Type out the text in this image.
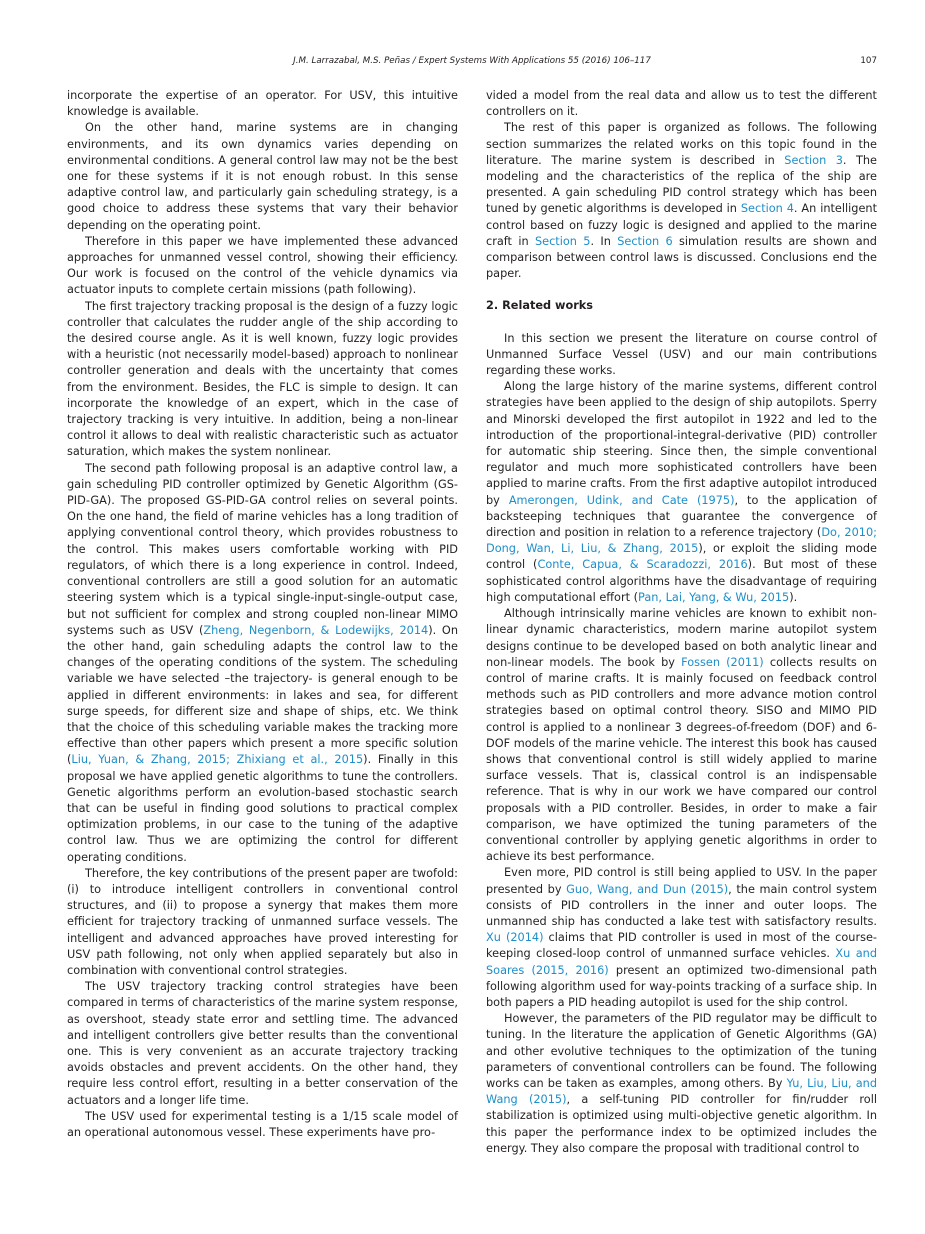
J.M. Larrazabal, M.S. Peñas / Expert Systems With Applications 55 (2016) 106–117	107

incorporate the expertise of an operator. For USV, this intuitive knowledge is available.

On the other hand, marine systems are in changing environments, and its own dynamics varies depending on environmental conditions. A general control law may not be the best one for these systems if it is not enough robust. In this sense adaptive control law, and particularly gain scheduling strategy, is a good choice to address these systems that vary their behavior depending on the operating point.

Therefore in this paper we have implemented these advanced approaches for unmanned vessel control, showing their efficiency. Our work is focused on the control of the vehicle dynamics via actuator inputs to complete certain missions (path following).

The first trajectory tracking proposal is the design of a fuzzy logic controller that calculates the rudder angle of the ship according to the desired course angle. As it is well known, fuzzy logic provides with a heuristic (not necessarily model-based) approach to nonlinear controller generation and deals with the uncertainty that comes from the environment. Besides, the FLC is simple to design. It can incorporate the knowledge of an expert, which in the case of trajectory tracking is very intuitive. In addition, being a non-linear control it allows to deal with realistic characteristic such as actuator saturation, which makes the system nonlinear.

The second path following proposal is an adaptive control law, a gain scheduling PID controller optimized by Genetic Algorithm (GS-PID-GA). The proposed GS-PID-GA control relies on several points. On the one hand, the field of marine vehicles has a long tradition of applying conventional control theory, which provides robustness to the control. This makes users comfortable working with PID regulators, of which there is a long experience in control. Indeed, conventional controllers are still a good solution for an automatic steering system which is a typical single-input-single-output case, but not sufficient for complex and strong coupled non-linear MIMO systems such as USV (Zheng, Negenborn, & Lodewijks, 2014). On the other hand, gain scheduling adapts the control law to the changes of the operating conditions of the system. The scheduling variable we have selected –the trajectory- is general enough to be applied in different environments: in lakes and sea, for different surge speeds, for different size and shape of ships, etc. We think that the choice of this scheduling variable makes the tracking more effective than other papers which present a more specific solution (Liu, Yuan, & Zhang, 2015; Zhixiang et al., 2015). Finally in this proposal we have applied genetic algorithms to tune the controllers. Genetic algorithms perform an evolution-based stochastic search that can be useful in finding good solutions to practical complex optimization problems, in our case to the tuning of the adaptive control law. Thus we are optimizing the control for different operating conditions.

Therefore, the key contributions of the present paper are twofold: (i) to introduce intelligent controllers in conventional control structures, and (ii) to propose a synergy that makes them more efficient for trajectory tracking of unmanned surface vessels. The intelligent and advanced approaches have proved interesting for USV path following, not only when applied separately but also in combination with conventional control strategies.

The USV trajectory tracking control strategies have been compared in terms of characteristics of the marine system response, as overshoot, steady state error and settling time. The advanced and intelligent controllers give better results than the conventional one. This is very convenient as an accurate trajectory tracking avoids obstacles and prevent accidents. On the other hand, they require less control effort, resulting in a better conservation of the actuators and a longer life time.

The USV used for experimental testing is a 1/15 scale model of an operational autonomous vessel. These experiments have pro-

vided a model from the real data and allow us to test the different controllers on it.

The rest of this paper is organized as follows. The following section summarizes the related works on this topic found in the literature. The marine system is described in Section 3. The modeling and the characteristics of the replica of the ship are presented. A gain scheduling PID control strategy which has been tuned by genetic algorithms is developed in Section 4. An intelligent control based on fuzzy logic is designed and applied to the marine craft in Section 5. In Section 6 simulation results are shown and comparison between control laws is discussed. Conclusions end the paper.

2. Related works

In this section we present the literature on course control of Unmanned Surface Vessel (USV) and our main contributions regarding these works.

Along the large history of the marine systems, different control strategies have been applied to the design of ship autopilots. Sperry and Minorski developed the first autopilot in 1922 and led to the introduction of the proportional-integral-derivative (PID) controller for automatic ship steering. Since then, the simple conventional regulator and much more sophisticated controllers have been applied to marine crafts. From the first adaptive autopilot introduced by Amerongen, Udink, and Cate (1975), to the application of backsteeping techniques that guarantee the convergence of direction and position in relation to a reference trajectory (Do, 2010; Dong, Wan, Li, Liu, & Zhang, 2015), or exploit the sliding mode control (Conte, Capua, & Scaradozzi, 2016). But most of these sophisticated control algorithms have the disadvantage of requiring high computational effort (Pan, Lai, Yang, & Wu, 2015).

Although intrinsically marine vehicles are known to exhibit non-linear dynamic characteristics, modern marine autopilot system designs continue to be developed based on both analytic linear and non-linear models. The book by Fossen (2011) collects results on control of marine crafts. It is mainly focused on feedback control methods such as PID controllers and more advance motion control strategies based on optimal control theory. SISO and MIMO PID control is applied to a nonlinear 3 degrees-of-freedom (DOF) and 6-DOF models of the marine vehicle. The interest this book has caused shows that conventional control is still widely applied to marine surface vessels. That is, classical control is an indispensable reference. That is why in our work we have compared our control proposals with a PID controller. Besides, in order to make a fair comparison, we have optimized the tuning parameters of the conventional controller by applying genetic algorithms in order to achieve its best performance.

Even more, PID control is still being applied to USV. In the paper presented by Guo, Wang, and Dun (2015), the main control system consists of PID controllers in the inner and outer loops. The unmanned ship has conducted a lake test with satisfactory results. Xu (2014) claims that PID controller is used in most of the course-keeping closed-loop control of unmanned surface vehicles. Xu and Soares (2015, 2016) present an optimized two-dimensional path following algorithm used for way-points tracking of a surface ship. In both papers a PID heading autopilot is used for the ship control.

However, the parameters of the PID regulator may be difficult to tuning. In the literature the application of Genetic Algorithms (GA) and other evolutive techniques to the optimization of the tuning parameters of conventional controllers can be found. The following works can be taken as examples, among others. By Yu, Liu, Liu, and Wang (2015), a self-tuning PID controller for fin/rudder roll stabilization is optimized using multi-objective genetic algorithm. In this paper the performance index to be optimized includes the energy. They also compare the proposal with traditional control to
